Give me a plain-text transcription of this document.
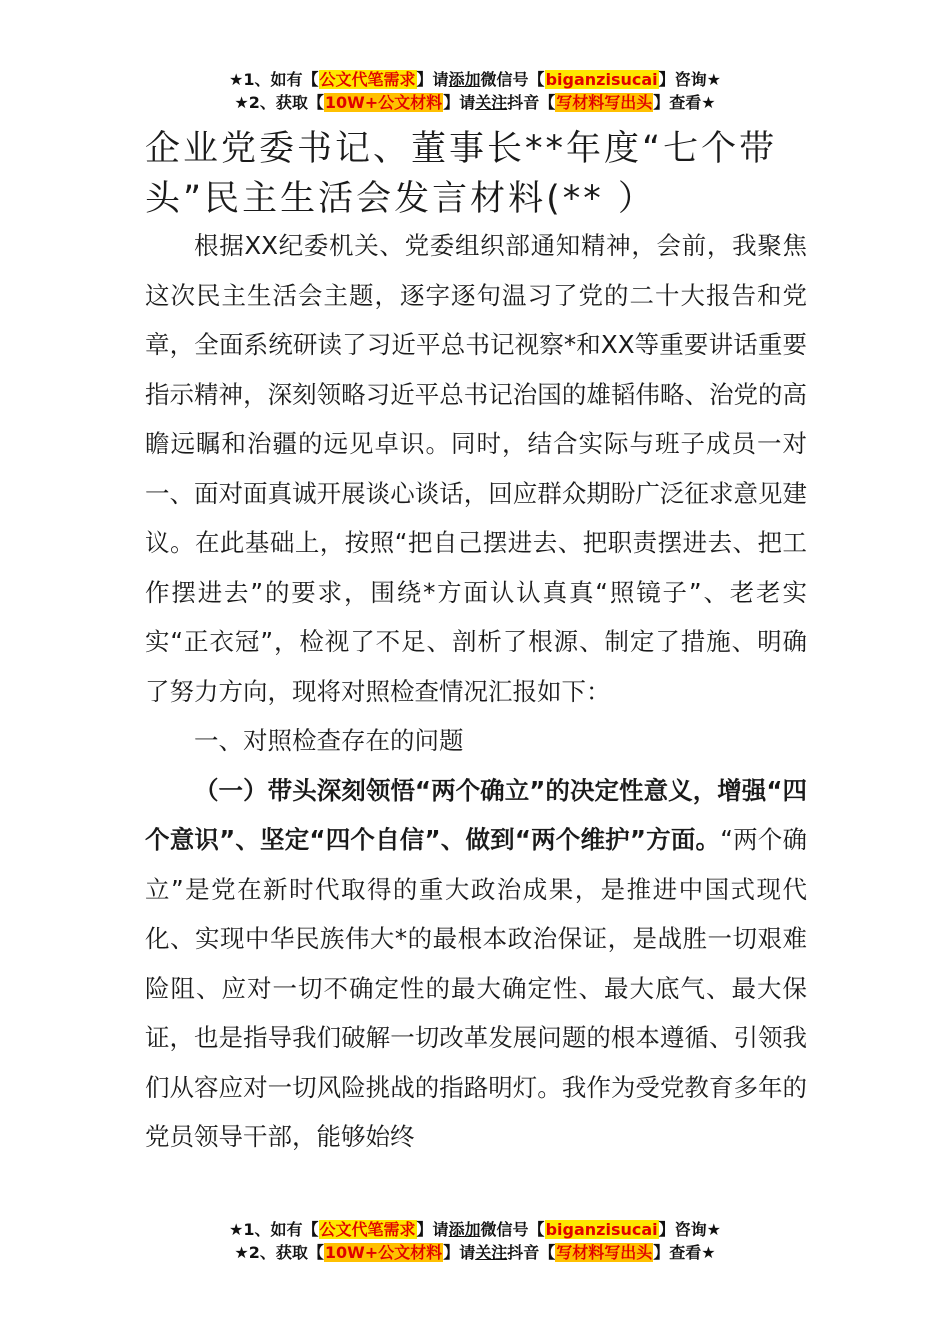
★1、如有【公文代笔需求】请添加微信号【biganzisucai】咨询★
★2、获取【10W+公文材料】请关注抖音【写材料写出头】查看★
企业党委书记、董事长**年度“七个带头”民主生活会发言材料(** ）

根据XX纪委机关、党委组织部通知精神，会前，我聚焦这次民主生活会主题，逐字逐句温习了党的二十大报告和党章，全面系统研读了习近平总书记视察*和XX等重要讲话重要指示精神，深刻领略习近平总书记治国的雄韬伟略、治党的高瞻远瞩和治疆的远见卓识。同时，结合实际与班子成员一对一、面对面真诚开展谈心谈话，回应群众期盼广泛征求意见建议。在此基础上，按照“把自己摆进去、把职责摆进去、把工作摆进去”的要求，围绕*方面认认真真“照镜子”、老老实实“正衣冠”，检视了不足、剖析了根源、制定了措施、明确了努力方向，现将对照检查情况汇报如下：

一、对照检查存在的问题

（一）带头深刻领悟“两个确立”的决定性意义，增强“四个意识”、坚定“四个自信”、做到“两个维护”方面。“两个确立”是党在新时代取得的重大政治成果，是推进中国式现代化、实现中华民族伟大*的最根本政治保证，是战胜一切艰难险阻、应对一切不确定性的最大确定性、最大底气、最大保证，也是指导我们破解一切改革发展问题的根本遵循、引领我们从容应对一切风险挑战的指路明灯。我作为受党教育多年的党员领导干部，能够始终

★1、如有【公文代笔需求】请添加微信号【biganzisucai】咨询★
★2、获取【10W+公文材料】请关注抖音【写材料写出头】查看★
